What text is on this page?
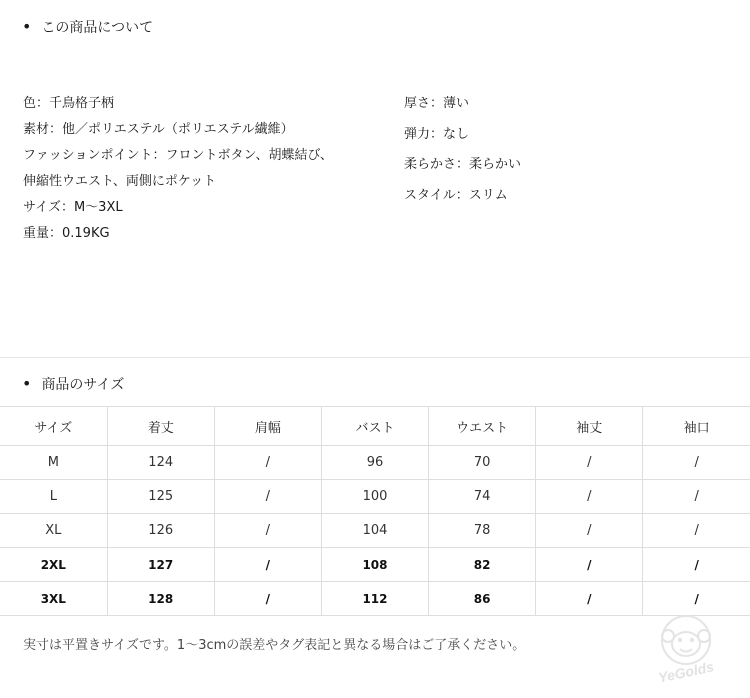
• この商品について
色：千鳥格子柄
素材：他／ポリエステル（ポリエステル繊維）
ファッションポイント：フロントボタン、胡蝶結び、
伸縮性ウエスト、両側にポケット
サイズ：M〜3XL
重量：0.19KG
厚さ：薄い
弾力：なし
柔らかさ：柔らかい
スタイル：スリム
• 商品のサイズ
サイズ	着丈	肩幅	バスト	ウエスト	袖丈	袖口
M	124	/	96	70	/	/
L	125	/	100	74	/	/
XL	126	/	104	78	/	/
2XL	127	/	108	82	/	/
3XL	128	/	112	86	/	/
実寸は平置きサイズです。1〜3cmの誤差やタグ表記と異なる場合はご了承ください。
YeGolds
